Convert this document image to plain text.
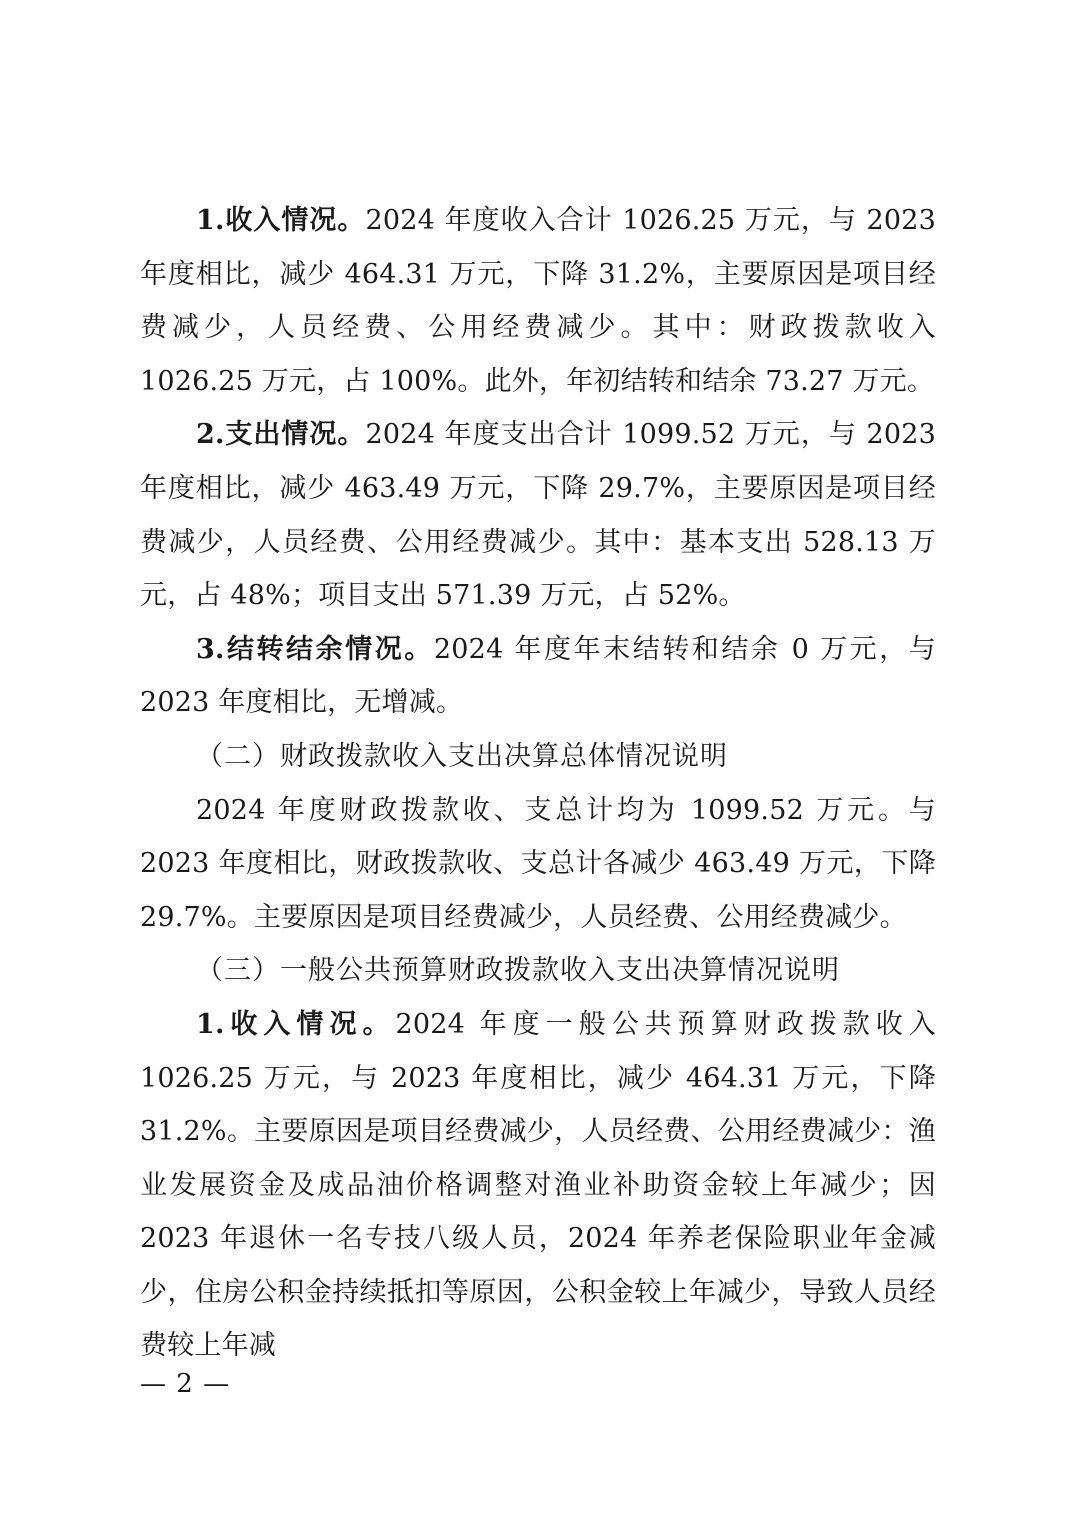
1.收入情况。2024 年度收入合计 1026.25 万元，与 2023 年度相比，减少 464.31 万元，下降 31.2%，主要原因是项目经费减少，人员经费、公用经费减少。其中：财政拨款收入 1026.25 万元，占 100%。此外，年初结转和结余 73.27 万元。

2.支出情况。2024 年度支出合计 1099.52 万元，与 2023 年度相比，减少 463.49 万元，下降 29.7%，主要原因是项目经费减少，人员经费、公用经费减少。其中：基本支出 528.13 万元，占 48%；项目支出 571.39 万元，占 52%。

3.结转结余情况。2024 年度年末结转和结余 0 万元，与 2023 年度相比，无增减。

（二）财政拨款收入支出决算总体情况说明

2024 年度财政拨款收、支总计均为 1099.52 万元。与 2023 年度相比，财政拨款收、支总计各减少 463.49 万元，下降 29.7%。主要原因是项目经费减少，人员经费、公用经费减少。

（三）一般公共预算财政拨款收入支出决算情况说明

1.收入情况。2024 年度一般公共预算财政拨款收入 1026.25 万元，与 2023 年度相比，减少 464.31 万元，下降 31.2%。主要原因是项目经费减少，人员经费、公用经费减少：渔业发展资金及成品油价格调整对渔业补助资金较上年减少；因 2023 年退休一名专技八级人员，2024 年养老保险职业年金减少，住房公积金持续抵扣等原因，公积金较上年减少，导致人员经费较上年减

— 2 —
